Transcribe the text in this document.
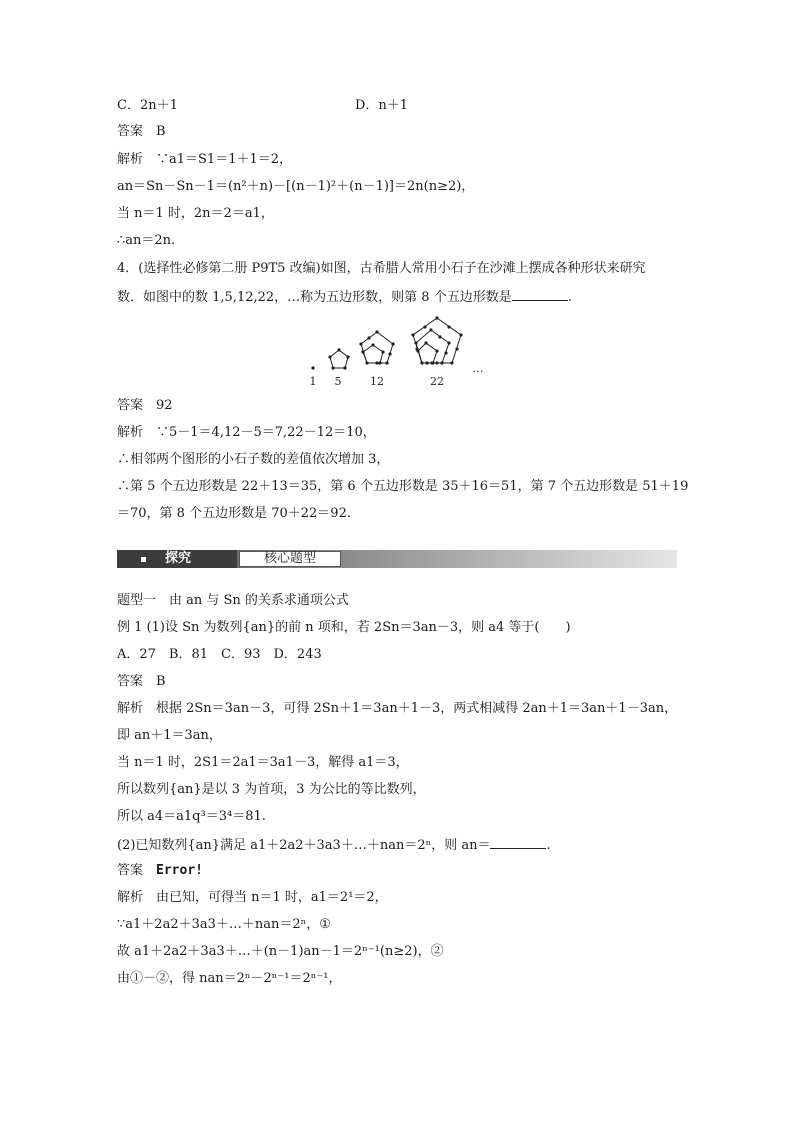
C．2n＋1	D．n＋1
答案　B
解析　∵a1＝S1＝1＋1＝2，
an＝Sn－Sn－1＝(n²＋n)－[(n－1)²＋(n－1)]＝2n(n≥2)，
当 n＝1 时，2n＝2＝a1，
∴an＝2n.
4．(选择性必修第二册 P9T5 改编)如图，古希腊人常用小石子在沙滩上摆成各种形状来研究
数．如图中的数 1,5,12,22，…称为五边形数，则第 8 个五边形数是	.
1 5	12	22
…
答案　92
解析　∵5－1＝4,12－5＝7,22－12＝10，
∴相邻两个图形的小石子数的差值依次增加 3，
∴第 5 个五边形数是 22＋13＝35，第 6 个五边形数是 35＋16＝51，第 7 个五边形数是 51＋19
＝70，第 8 个五边形数是 70＋22＝92.
探究	核心题型
题型一　由 an 与 Sn 的关系求通项公式
例 1 (1)设 Sn 为数列{an}的前 n 项和，若 2Sn＝3an－3，则 a4 等于(　　)
A．27　B．81　C．93　D．243
答案　B
解析　根据 2Sn＝3an－3，可得 2Sn＋1＝3an＋1－3，两式相减得 2an＋1＝3an＋1－3an，
即 an＋1＝3an，
当 n＝1 时，2S1＝2a1＝3a1－3，解得 a1＝3，
所以数列{an}是以 3 为首项，3 为公比的等比数列，
所以 a4＝a1q³＝3⁴＝81.
(2)已知数列{an}满足 a1＋2a2＋3a3＋…＋nan＝2ⁿ，则 an＝	.
答案　 Error!
解析　由已知，可得当 n＝1 时，a1＝2¹＝2，
∵a1＋2a2＋3a3＋…＋nan＝2ⁿ，①
故 a1＋2a2＋3a3＋…＋(n－1)an－1＝2ⁿ⁻¹(n≥2)，②
由①－②，得 nan＝2ⁿ－2ⁿ⁻¹＝2ⁿ⁻¹，
